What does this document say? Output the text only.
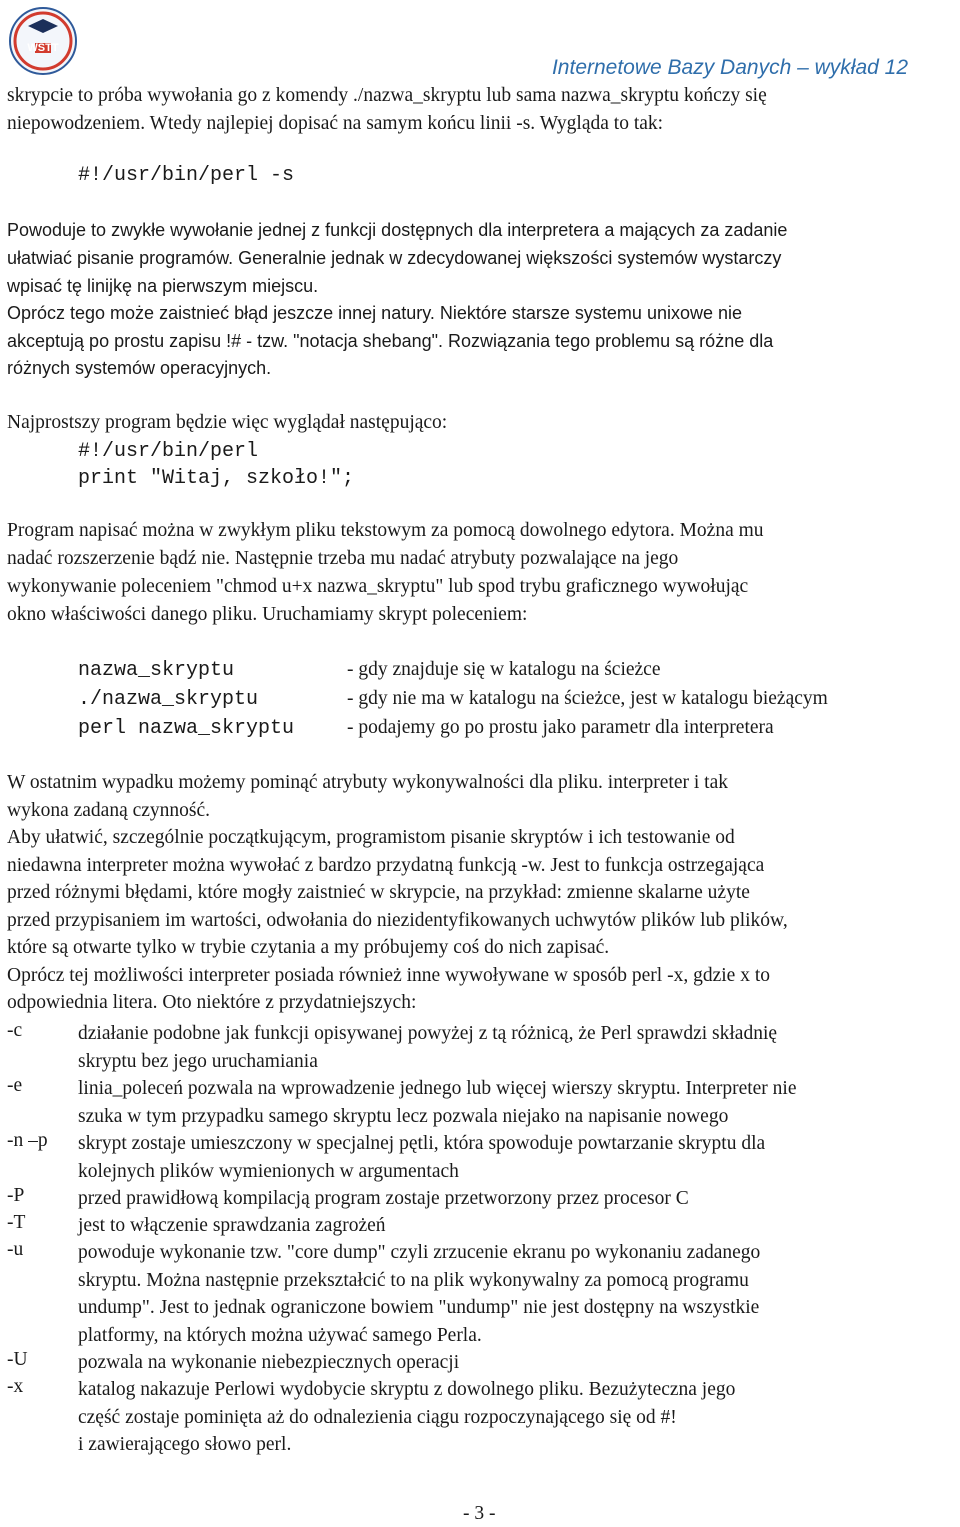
WSTT
Internetowe Bazy Danych – wykład 12
skrypcie to próba wywołania go z komendy ./nazwa_skryptu lub sama nazwa_skryptu kończy się
niepowodzeniem. Wtedy najlepiej dopisać na samym końcu linii -s. Wygląda to tak:
#!/usr/bin/perl -s
Powoduje to zwykłe wywołanie jednej z funkcji dostępnych dla interpretera a mających za zadanie
ułatwiać pisanie programów. Generalnie jednak w zdecydowanej większości systemów wystarczy
wpisać tę linijkę na pierwszym miejscu.
Oprócz tego może zaistnieć błąd jeszcze innej natury. Niektóre starsze systemu unixowe nie
akceptują po prostu zapisu !# - tzw. "notacja shebang". Rozwiązania tego problemu są różne dla
różnych systemów operacyjnych.
Najprostszy program będzie więc wyglądał następująco:
#!/usr/bin/perl
print "Witaj, szkoło!";
Program napisać można w zwykłym pliku tekstowym za pomocą dowolnego edytora. Można mu
nadać rozszerzenie bądź nie. Następnie trzeba mu nadać atrybuty pozwalające na jego
wykonywanie poleceniem "chmod u+x nazwa_skryptu" lub spod trybu graficznego wywołując
okno właściwości danego pliku. Uruchamiamy skrypt poleceniem:
nazwa_skryptu	- gdy znajduje się w katalogu na ścieżce
./nazwa_skryptu	- gdy nie ma w katalogu na ścieżce, jest w katalogu bieżącym
perl nazwa_skryptu	- podajemy go po prostu jako parametr dla interpretera
W ostatnim wypadku możemy pominąć atrybuty wykonywalności dla pliku. interpreter i tak
wykona zadaną czynność.
Aby ułatwić, szczególnie początkującym, programistom pisanie skryptów i ich testowanie od
niedawna interpreter można wywołać z bardzo przydatną funkcją -w. Jest to funkcja ostrzegająca
przed różnymi błędami, które mogły zaistnieć w skrypcie, na przykład: zmienne skalarne użyte
przed przypisaniem im wartości, odwołania do niezidentyfikowanych uchwytów plików lub plików,
które są otwarte tylko w trybie czytania a my próbujemy coś do nich zapisać.
Oprócz tej możliwości interpreter posiada również inne wywoływane w sposób perl -x, gdzie x to
odpowiednia litera. Oto niektóre z przydatniejszych:
-c	działanie podobne jak funkcji opisywanej powyżej z tą różnicą, że Perl sprawdzi składnię
skryptu bez jego uruchamiania
-e	linia_poleceń pozwala na wprowadzenie jednego lub więcej wierszy skryptu. Interpreter nie
szuka w tym przypadku samego skryptu lecz pozwala niejako na napisanie nowego
-n –p skrypt zostaje umieszczony w specjalnej pętli, która spowoduje powtarzanie skryptu dla
kolejnych plików wymienionych w argumentach
-P	przed prawidłową kompilacją program zostaje przetworzony przez procesor C
-T	jest to włączenie sprawdzania zagrożeń
-u	powoduje wykonanie tzw. "core dump" czyli zrzucenie ekranu po wykonaniu zadanego
skryptu. Można następnie przekształcić to na plik wykonywalny za pomocą programu
undump". Jest to jednak ograniczone bowiem "undump" nie jest dostępny na wszystkie
platformy, na których można używać samego Perla.
-U	pozwala na wykonanie niebezpiecznych operacji
-x	katalog nakazuje Perlowi wydobycie skryptu z dowolnego pliku. Bezużyteczna jego
część zostaje pominięta aż do odnalezienia ciągu rozpoczynającego się od #!
i zawierającego słowo perl.
- 3 -
